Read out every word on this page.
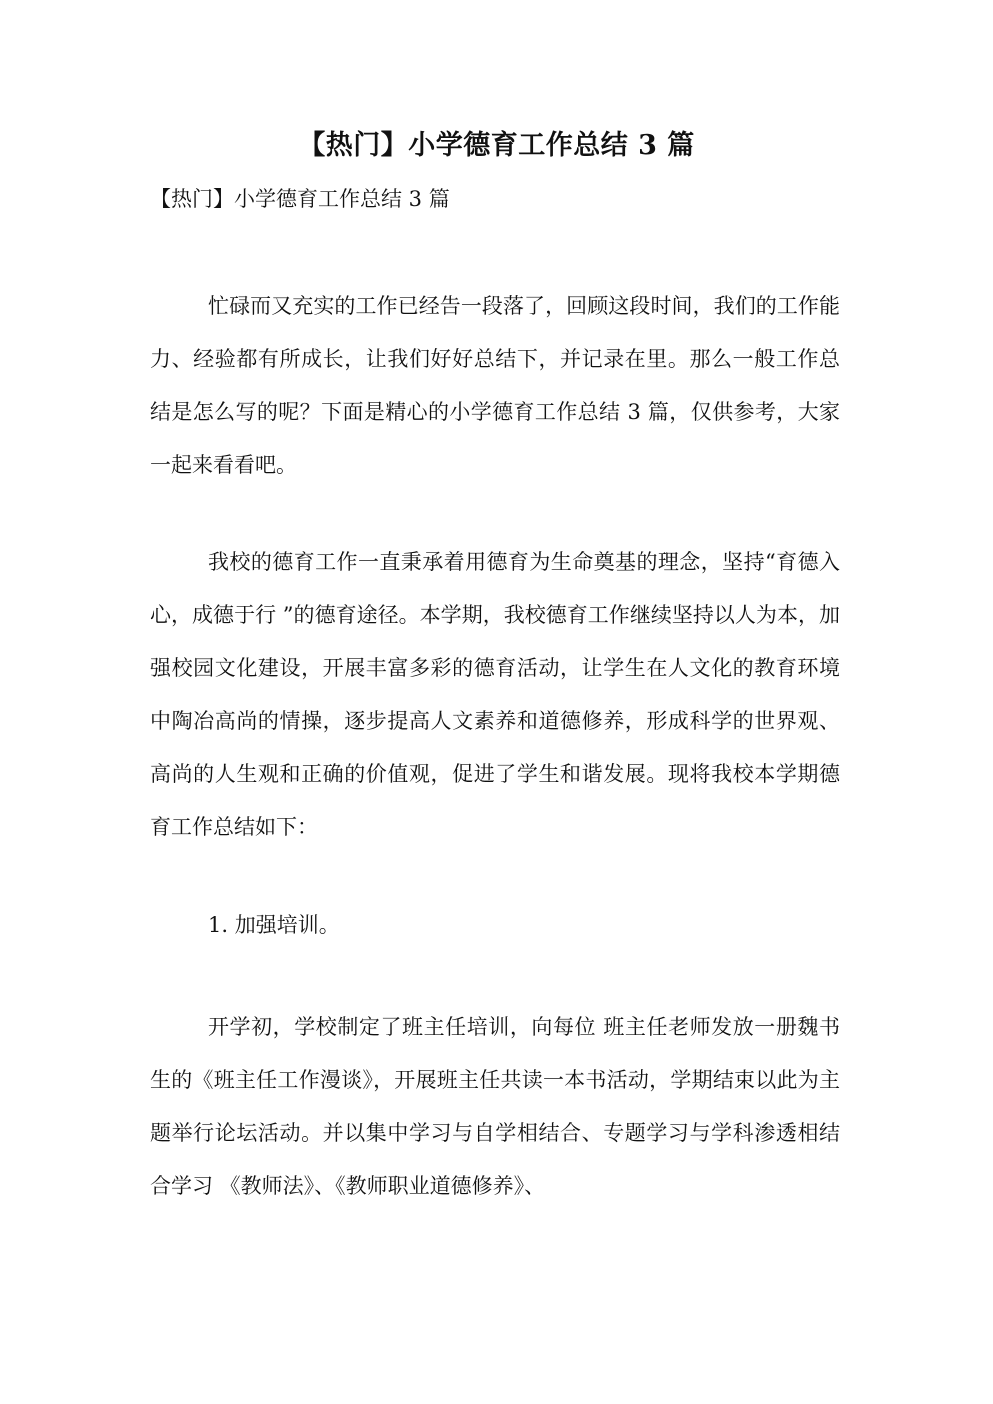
【热门】小学德育工作总结 3 篇

【热门】小学德育工作总结 3 篇

忙碌而又充实的工作已经告一段落了，回顾这段时间，我们的工作能力、经验都有所成长，让我们好好总结下，并记录在里。那么一般工作总结是怎么写的呢？下面是精心的小学德育工作总结 3 篇，仅供参考，大家一起来看看吧。

我校的德育工作一直秉承着用德育为生命奠基的理念，坚持“育德入心，成德于行 ”的德育途径。本学期，我校德育工作继续坚持以人为本，加强校园文化建设，开展丰富多彩的德育活动，让学生在人文化的教育环境中陶冶高尚的情操，逐步提高人文素养和道德修养，形成科学的世界观、高尚的人生观和正确的价值观，促进了学生和谐发展。现将我校本学期德育工作总结如下：

1. 加强培训。

开学初，学校制定了班主任培训，向每位 班主任老师发放一册魏书生的《班主任工作漫谈》，开展班主任共读一本书活动，学期结束以此为主题举行论坛活动。并以集中学习与自学相结合、专题学习与学科渗透相结合学习 《教师法》、《教师职业道德修养》、
